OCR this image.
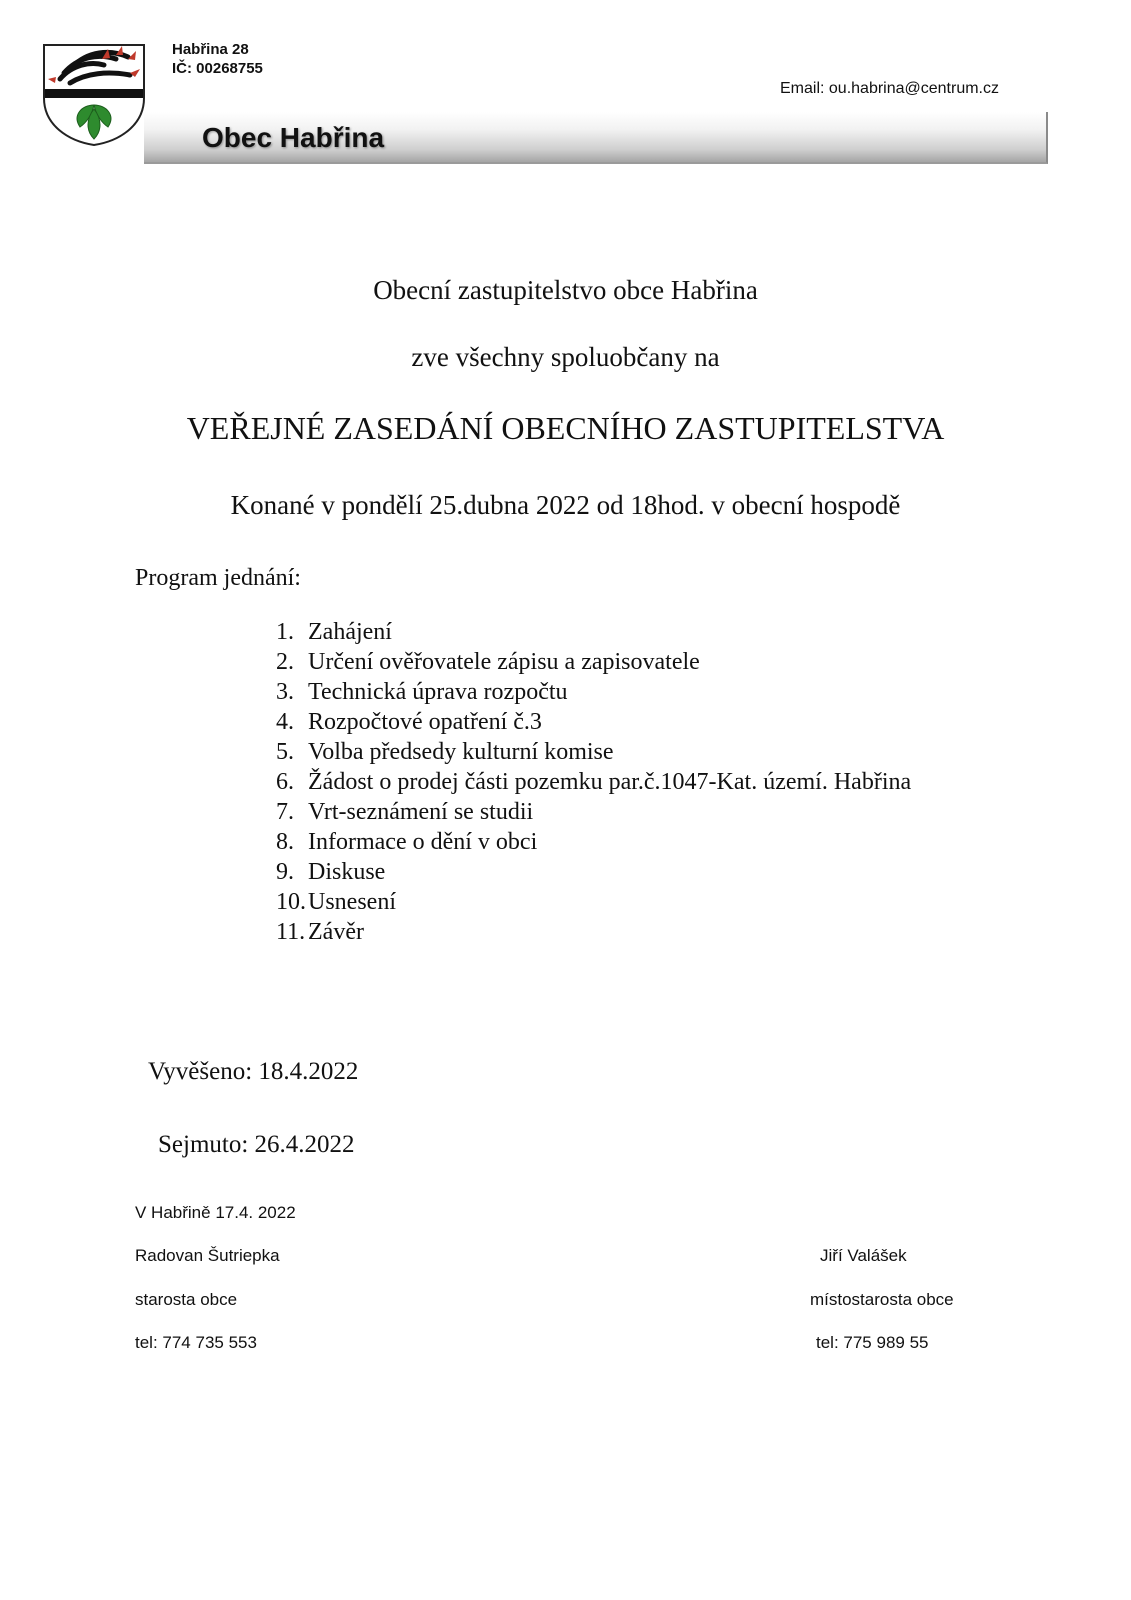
Habřina 28
IČ: 00268755
Email: ou.habrina@centrum.cz
Obec Habřina
Obecní zastupitelstvo obce Habřina
zve všechny spoluobčany na
VEŘEJNÉ ZASEDÁNÍ OBECNÍHO ZASTUPITELSTVA
Konané v pondělí 25.dubna 2022 od 18hod. v obecní hospodě
Program jednání:
1. Zahájení
2. Určení ověřovatele zápisu a zapisovatele
3. Technická úprava rozpočtu
4. Rozpočtové opatření č.3
5. Volba předsedy kulturní komise
6. Žádost o prodej části pozemku par.č.1047-Kat. území. Habřina
7. Vrt-seznámení se studii
8. Informace o dění v obci
9. Diskuse
10.Usnesení
11. Závěr
Vyvěšeno: 18.4.2022
Sejmuto: 26.4.2022
V Habřině 17.4. 2022
Radovan Šutriepka
starosta obce
tel: 774 735 553
Jiří Valášek
místostarosta obce
tel: 775 989 55
